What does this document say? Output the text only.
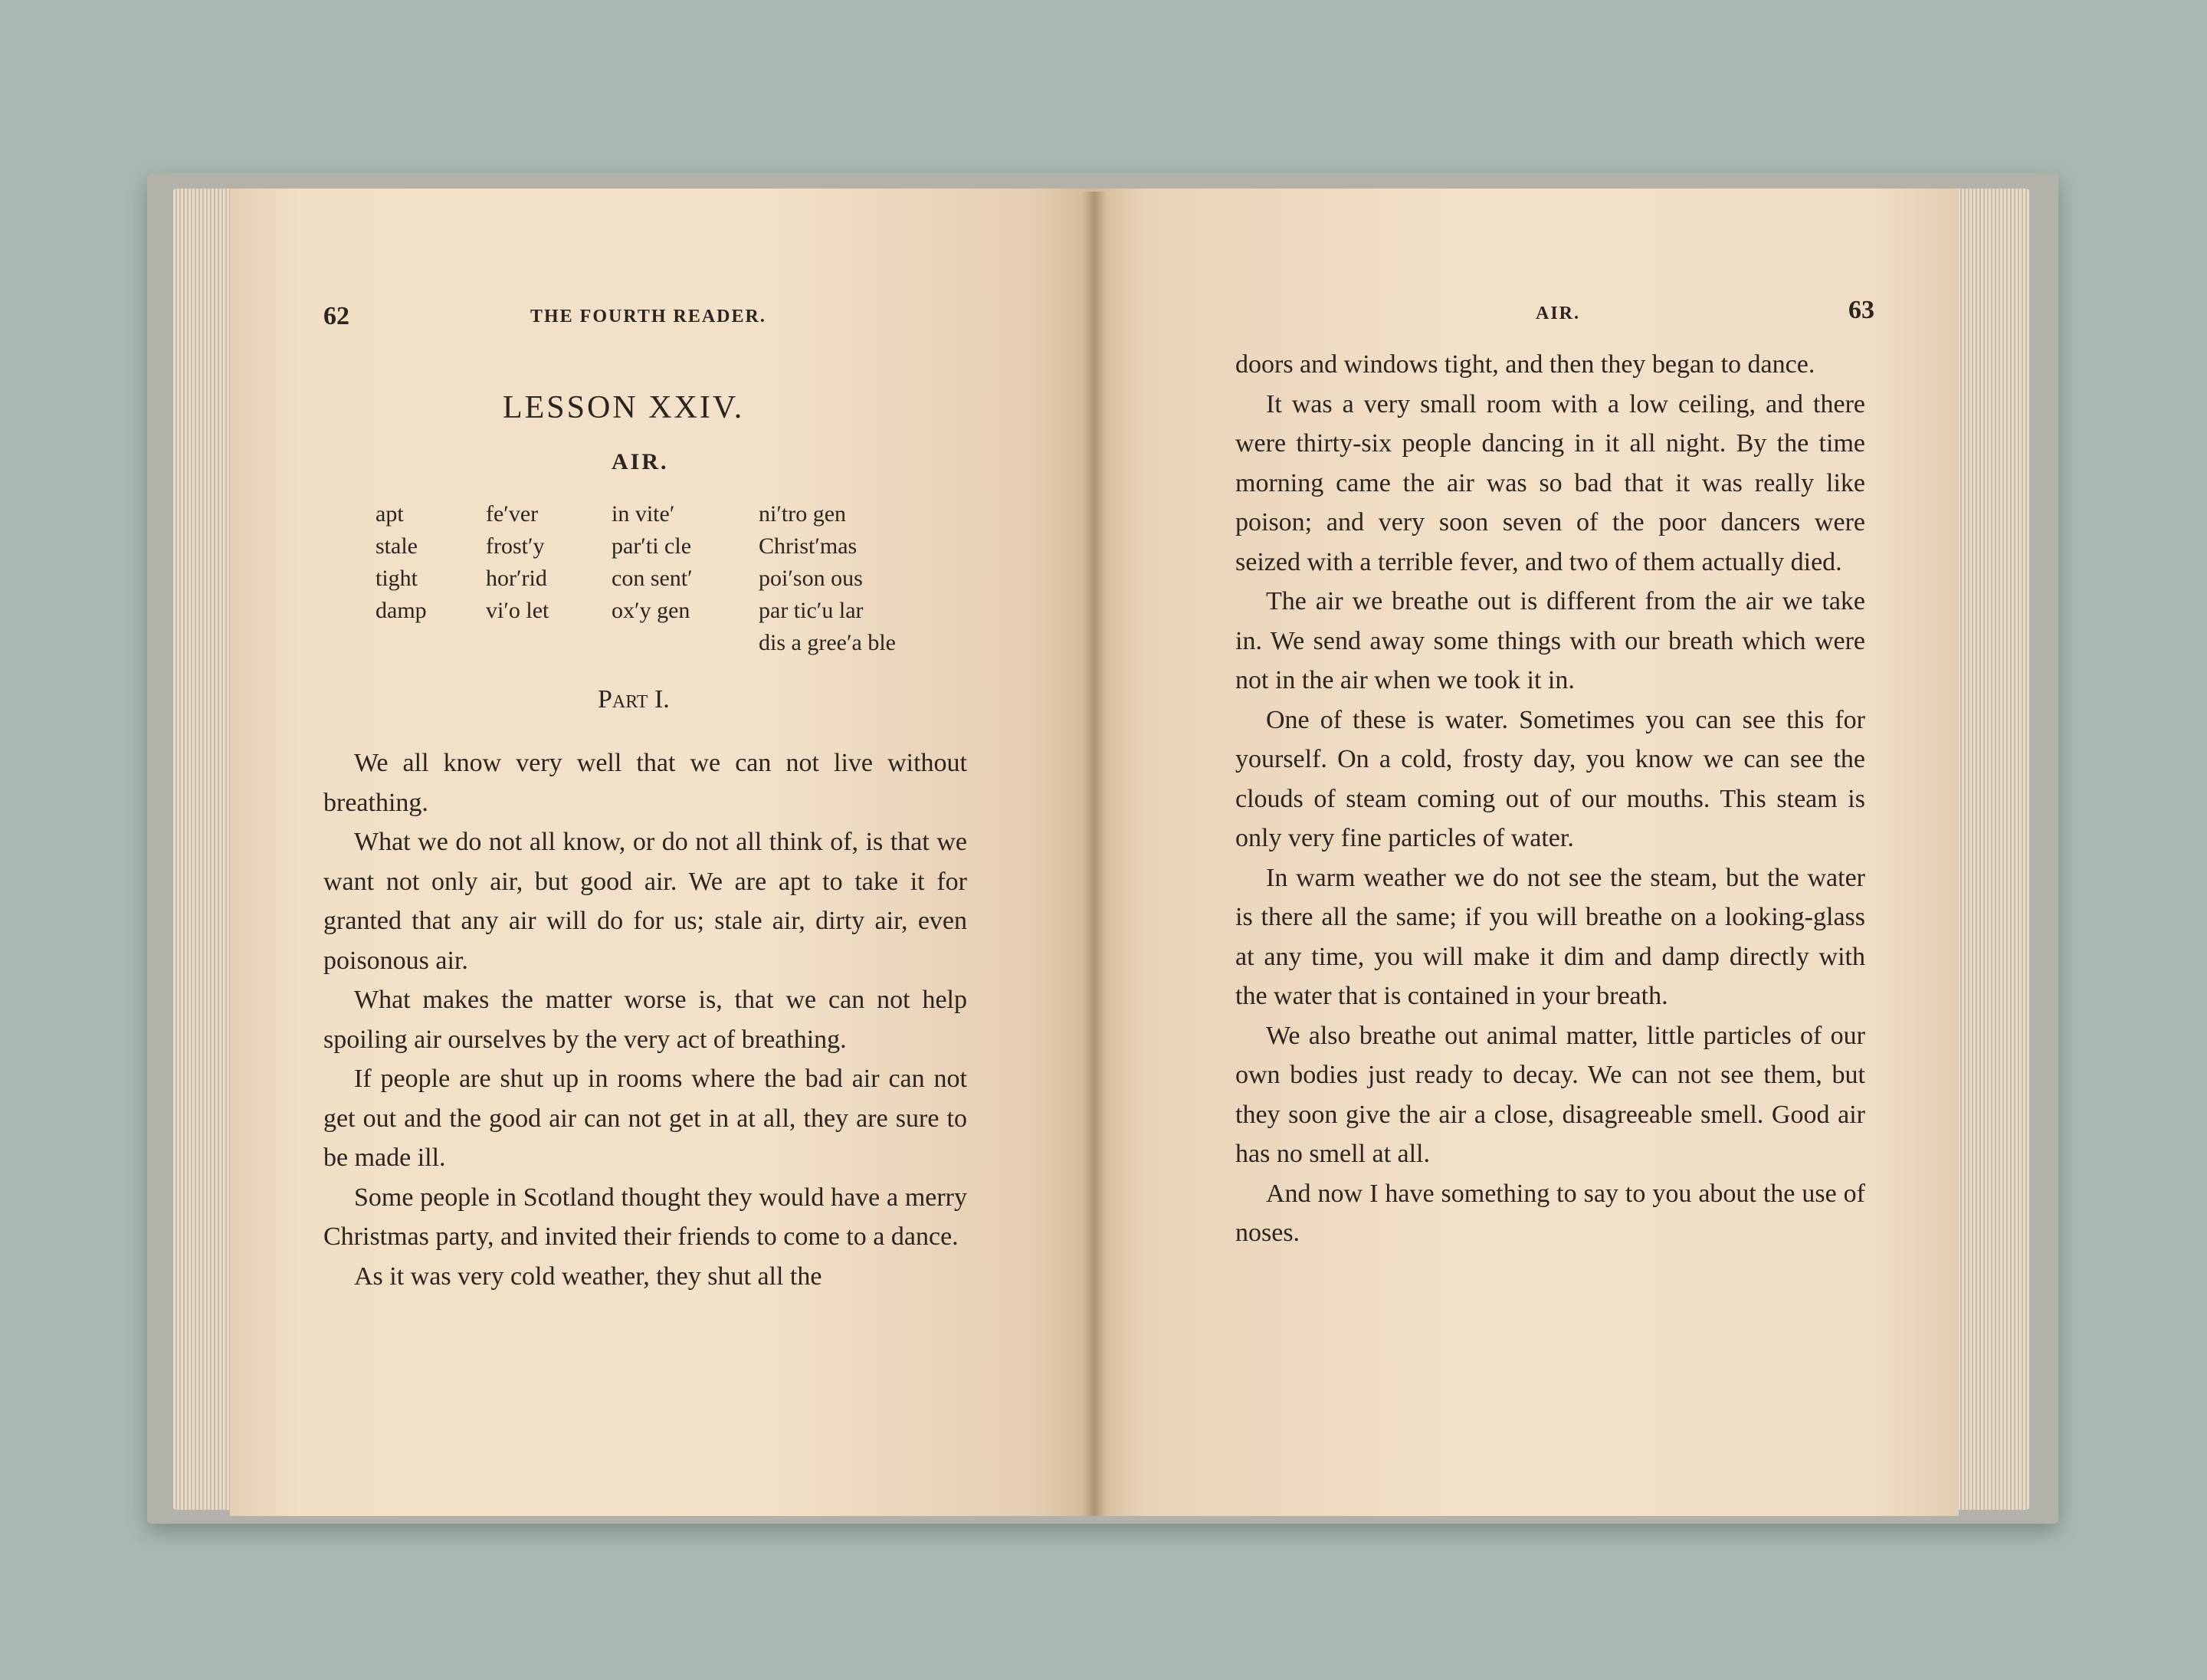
62	THE FOURTH READER.
LESSON XXIV.
AIR.
apt
stale
tight
damp
fe′ver
frost′y
hor′rid
vi′o let
in vite′
par′ti cle
con sent′
ox′y gen
ni′tro gen
Christ′mas
poi′son ous
par tic′u lar
dis a gree′a ble
Part I.

We all know very well that we can not live without breathing.

What we do not all know, or do not all think of, is that we want not only air, but good air. We are apt to take it for granted that any air will do for us; stale air, dirty air, even poisonous air.

What makes the matter worse is, that we can not help spoiling air ourselves by the very act of breathing.

If people are shut up in rooms where the bad air can not get out and the good air can not get in at all, they are sure to be made ill.

Some people in Scotland thought they would have a merry Christmas party, and invited their friends to come to a dance.

As it was very cold weather, they shut all the

AIR.	63

doors and windows tight, and then they began to dance.

It was a very small room with a low ceiling, and there were thirty-six people dancing in it all night. By the time morning came the air was so bad that it was really like poison; and very soon seven of the poor dancers were seized with a terrible fever, and two of them actually died.

The air we breathe out is different from the air we take in. We send away some things with our breath which were not in the air when we took it in.

One of these is water. Sometimes you can see this for yourself. On a cold, frosty day, you know we can see the clouds of steam coming out of our mouths. This steam is only very fine particles of water.

In warm weather we do not see the steam, but the water is there all the same; if you will breathe on a looking-glass at any time, you will make it dim and damp directly with the water that is contained in your breath.

We also breathe out animal matter, little particles of our own bodies just ready to decay. We can not see them, but they soon give the air a close, disagreeable smell. Good air has no smell at all.

And now I have something to say to you about the use of noses.
